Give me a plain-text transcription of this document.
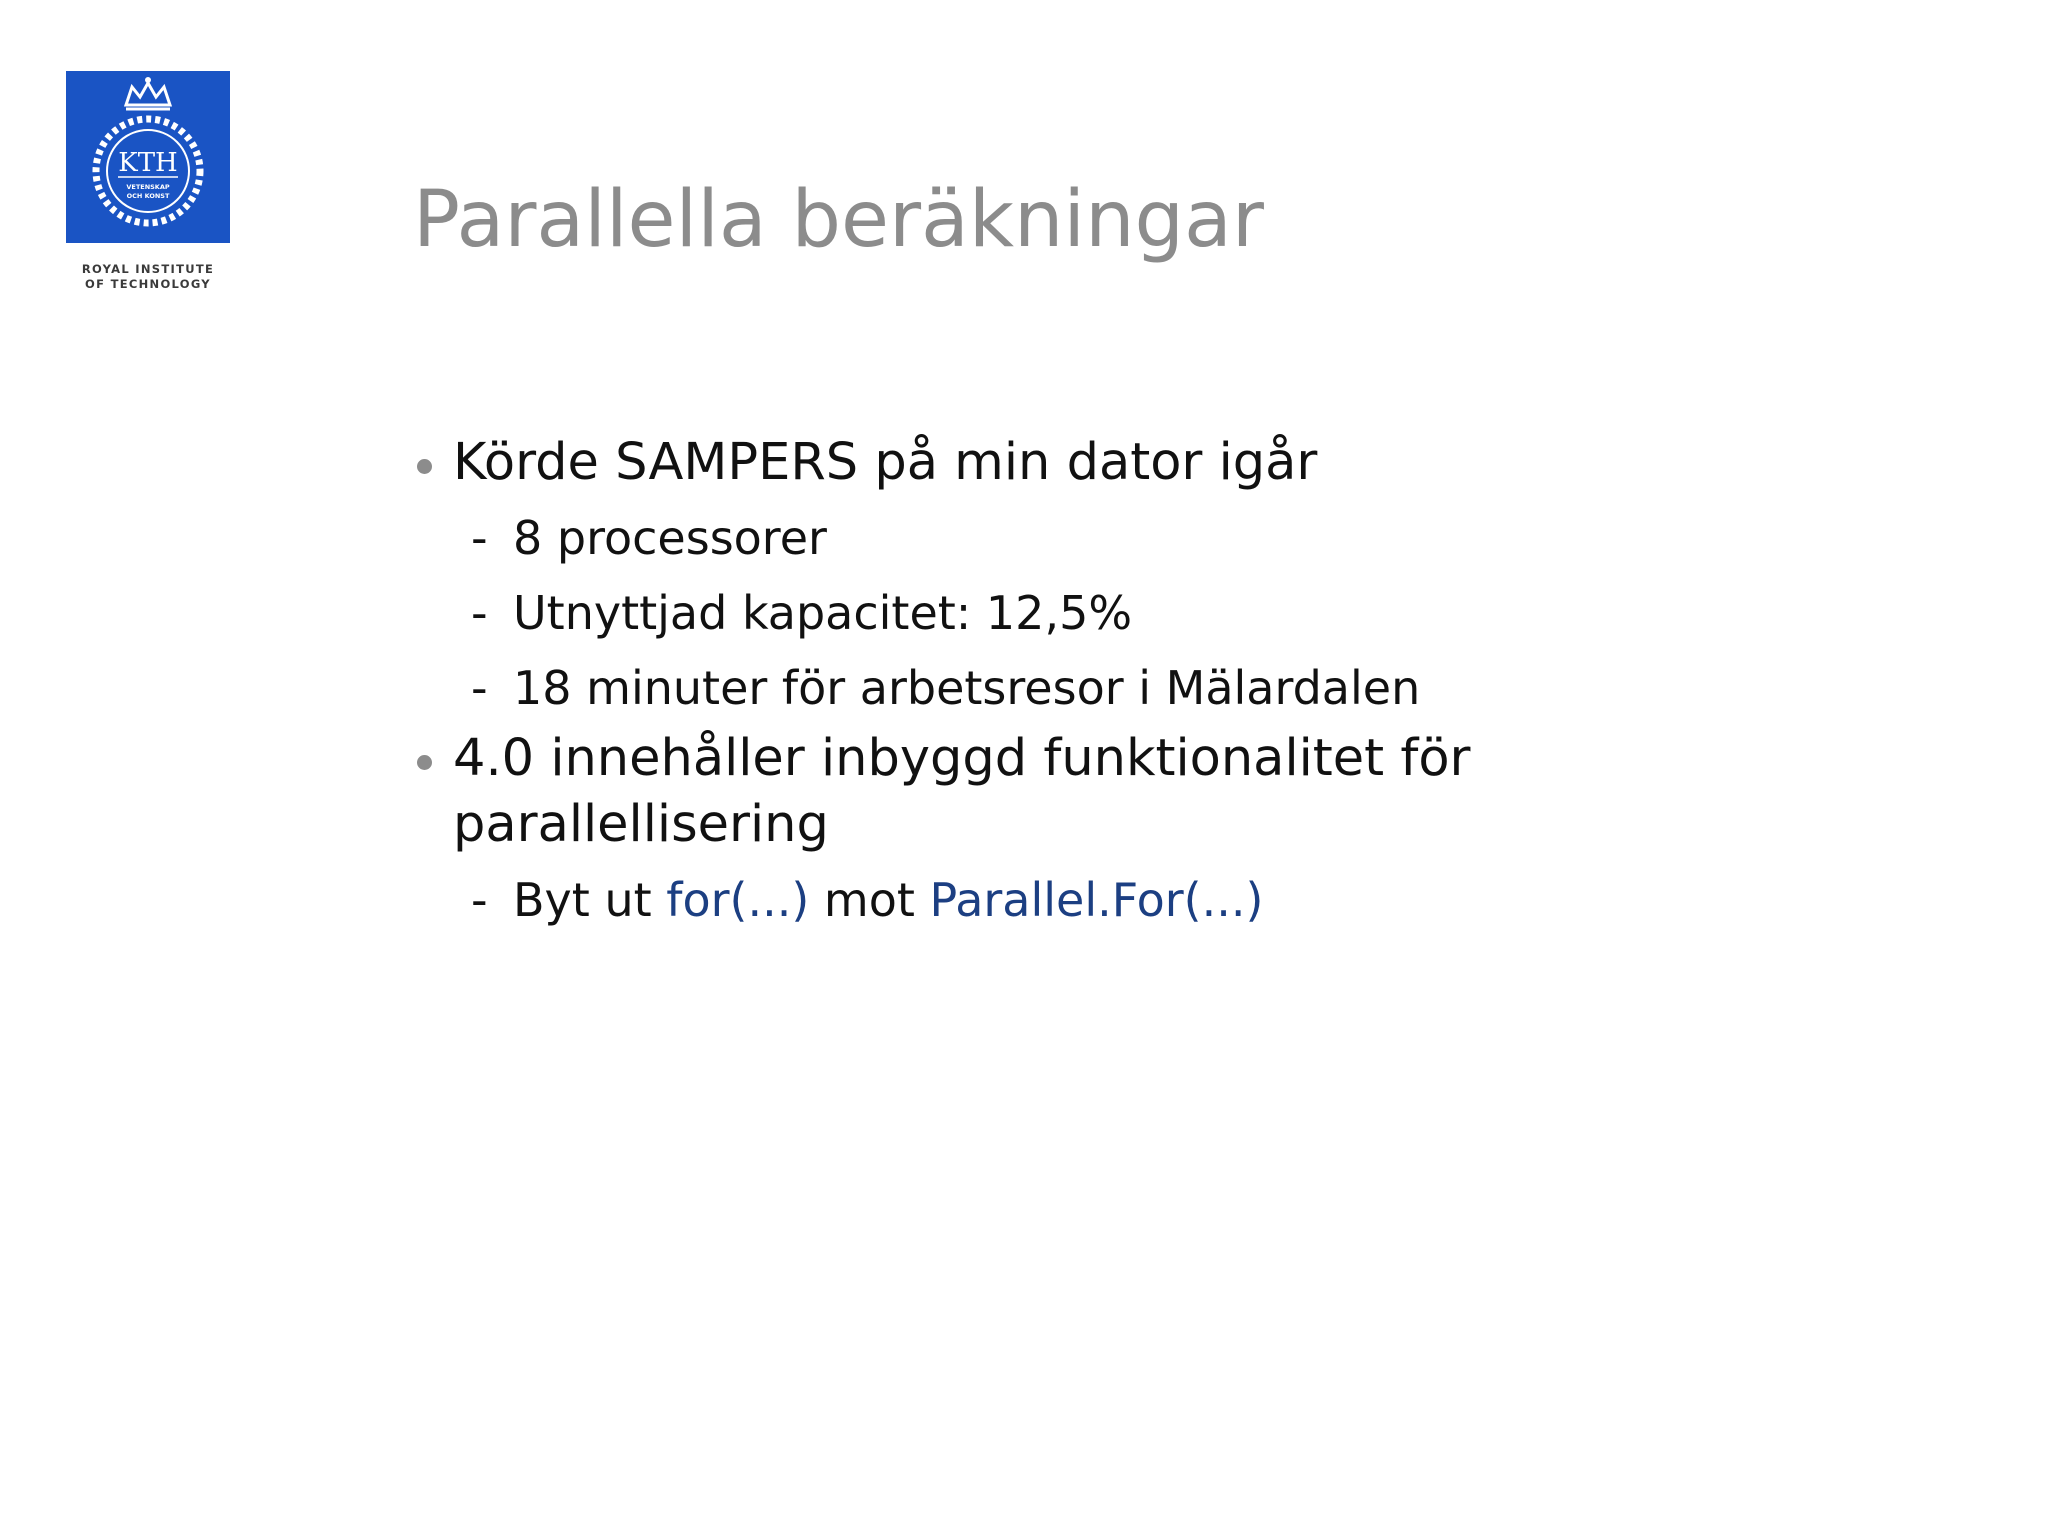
KTH
VETENSKAP
OCH KONST
ROYAL INSTITUTE
OF TECHNOLOGY
Parallella beräkningar
Körde SAMPERS på min dator igår
- 8 processorer
- Utnyttjad kapacitet: 12,5%
- 18 minuter för arbetsresor i Mälardalen
4.0 innehåller inbyggd funktionalitet för parallellisering
- Byt ut for(...) mot Parallel.For(...)
